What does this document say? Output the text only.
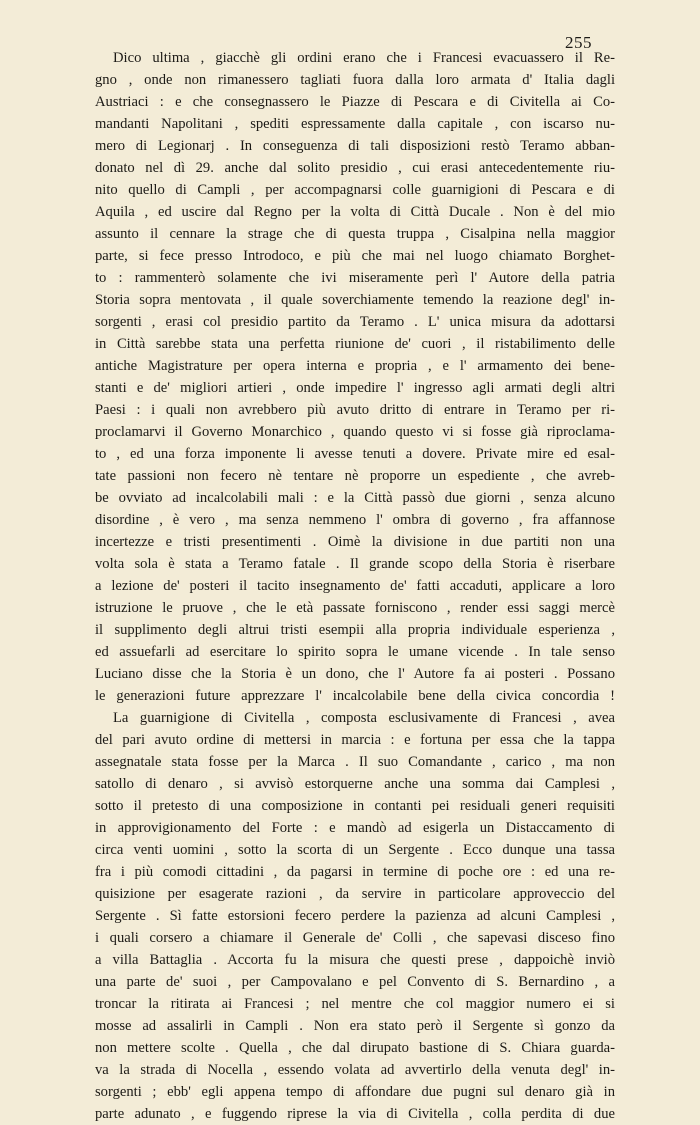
255
Dico ultima , giacchè gli ordini erano che i Francesi evacuassero il Re-
gno , onde non rimanessero tagliati fuora dalla loro armata d' Italia dagli
Austriaci : e che consegnassero le Piazze di Pescara e di Civitella ai Co-
mandanti Napolitani , spediti espressamente dalla capitale , con iscarso nu-
mero di Legionarj . In conseguenza di tali disposizioni restò Teramo abban-
donato nel dì 29. anche dal solito presidio , cui erasi antecedentemente riu-
nito quello di Campli , per accompagnarsi colle guarnigioni di Pescara e di
Aquila , ed uscire dal Regno per la volta di Città Ducale . Non è del mio
assunto il cennare la strage che di questa truppa , Cisalpina nella maggior
parte, si fece presso Introdoco, e più che mai nel luogo chiamato Borghet-
to : rammenterò solamente che ivi miseramente perì l' Autore della patria
Storia sopra mentovata , il quale soverchiamente temendo la reazione degl' in-
sorgenti , erasi col presidio partito da Teramo . L' unica misura da adottarsi
in Città sarebbe stata una perfetta riunione de' cuori , il ristabilimento delle
antiche Magistrature per opera interna e propria , e l' armamento dei bene-
stanti e de' migliori artieri , onde impedire l' ingresso agli armati degli altri
Paesi : i quali non avrebbero più avuto dritto di entrare in Teramo per ri-
proclamarvi il Governo Monarchico , quando questo vi si fosse già riproclama-
to , ed una forza imponente li avesse tenuti a dovere. Private mire ed esal-
tate passioni non fecero nè tentare nè proporre un espediente , che avreb-
be ovviato ad incalcolabili mali : e la Città passò due giorni , senza alcuno
disordine , è vero , ma senza nemmeno l' ombra di governo , fra affannose
incertezze e tristi presentimenti . Oimè la divisione in due partiti non una
volta sola è stata a Teramo fatale . Il grande scopo della Storia è riserbare
a lezione de' posteri il tacito insegnamento de' fatti accaduti, applicare a loro
istruzione le pruove , che le età passate forniscono , render essi saggi mercè
il supplimento degli altrui tristi esempii alla propria individuale esperienza ,
ed assuefarli ad esercitare lo spirito sopra le umane vicende . In tale senso
Luciano disse che la Storia è un dono, che l' Autore fa ai posteri . Possano
le generazioni future apprezzare l' incalcolabile bene della civica concordia !
La guarnigione di Civitella , composta esclusivamente di Francesi , avea
del pari avuto ordine di mettersi in marcia : e fortuna per essa che la tappa
assegnatale stata fosse per la Marca . Il suo Comandante , carico , ma non
satollo di denaro , si avvisò estorquerne anche una somma dai Camplesi ,
sotto il pretesto di una composizione in contanti pei residuali generi requisiti
in approvigionamento del Forte : e mandò ad esigerla un Distaccamento di
circa venti uomini , sotto la scorta di un Sergente . Ecco dunque una tassa
fra i più comodi cittadini , da pagarsi in termine di poche ore : ed una re-
quisizione per esagerate razioni , da servire in particolare approveccio del
Sergente . Sì fatte estorsioni fecero perdere la pazienza ad alcuni Camplesi ,
i quali corsero a chiamare il Generale de' Colli , che sapevasi disceso fino
a villa Battaglia . Accorta fu la misura che questi prese , dappoichè inviò
una parte de' suoi , per Campovalano e pel Convento di S. Bernardino , a
troncar la ritirata ai Francesi ; nel mentre che col maggior numero ei si
mosse ad assalirli in Campli . Non era stato però il Sergente sì gonzo da
non mettere scolte . Quella , che dal dirupato bastione di S. Chiara guarda-
va la strada di Nocella , essendo volata ad avvertirlo della venuta degl' in-
sorgenti ; ebb' egli appena tempo di affondare due pugni sul denaro già in
parte adunato , e fuggendo riprese la via di Civitella , colla perdita di due
